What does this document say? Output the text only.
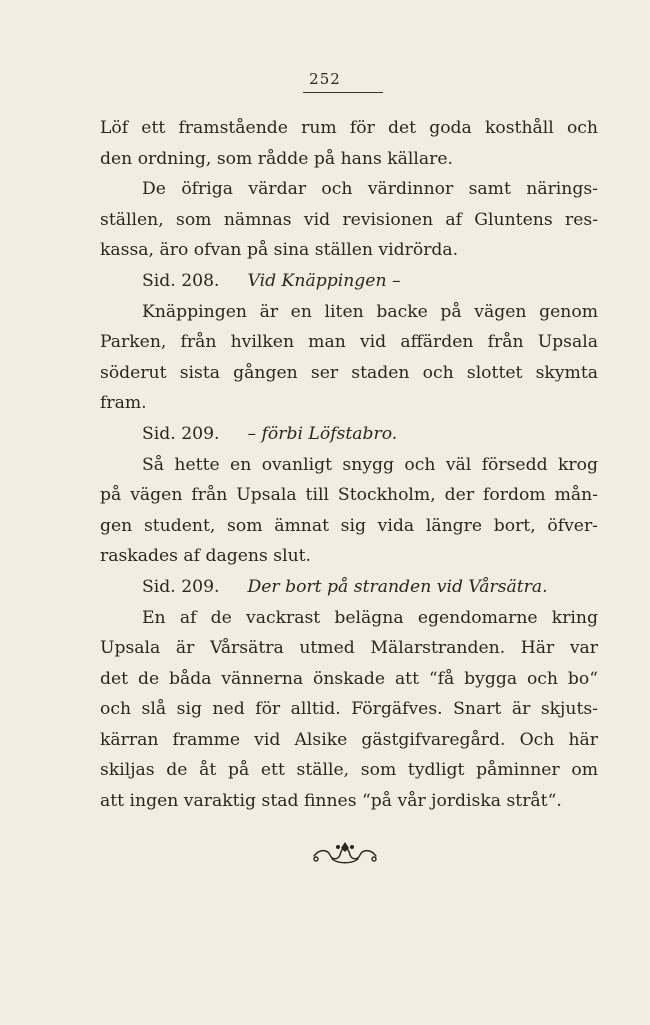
252
Löf ett framstående rum för det goda kosthåll och
den ordning, som rådde på hans källare.
De öfriga värdar och värdinnor samt närings-
ställen, som nämnas vid revisionen af Gluntens res-
kassa, äro ofvan på sina ställen vidrörda.
Sid. 208. Vid Knäppingen –
Knäppingen är en liten backe på vägen genom
Parken, från hvilken man vid affärden från Upsala
söderut sista gången ser staden och slottet skymta
fram.
Sid. 209. – förbi Löfstabro.
Så hette en ovanligt snygg och väl försedd krog
på vägen från Upsala till Stockholm, der fordom mån-
gen student, som ämnat sig vida längre bort, öfver-
raskades af dagens slut.
Sid. 209. Der bort på stranden vid Vårsätra.
En af de vackrast belägna egendomarne kring
Upsala är Vårsätra utmed Mälarstranden. Här var
det de båda vännerna önskade att “få bygga och bo“
och slå sig ned för alltid. Förgäfves. Snart är skjuts-
kärran framme vid Alsike gästgifvaregård. Och här
skiljas de åt på ett ställe, som tydligt påminner om
att ingen varaktig stad finnes “på vår jordiska stråt“.
